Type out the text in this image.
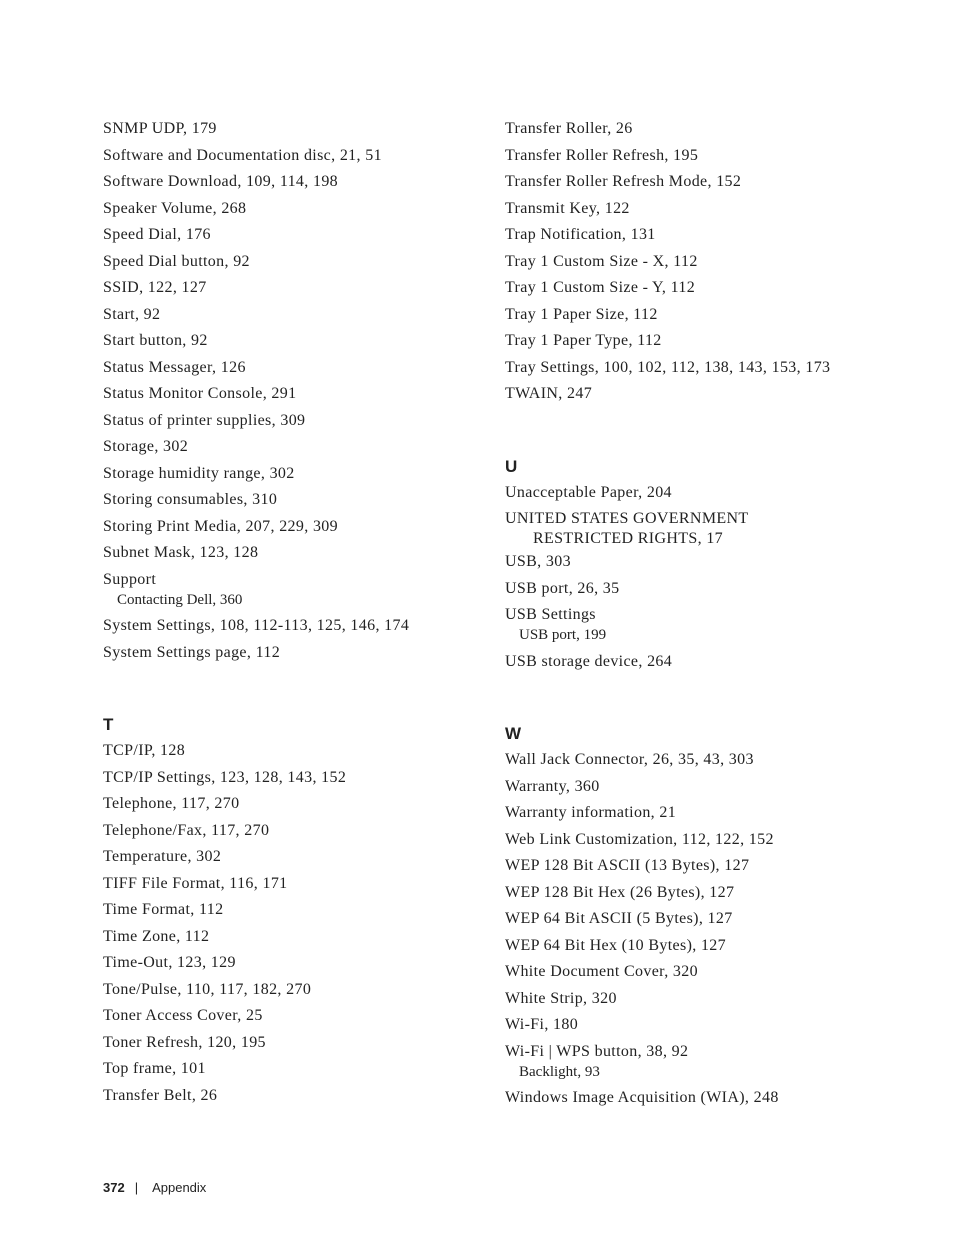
SNMP UDP, 179
Software and Documentation disc, 21, 51
Software Download, 109, 114, 198
Speaker Volume, 268
Speed Dial, 176
Speed Dial button, 92
SSID, 122, 127
Start, 92
Start button, 92
Status Messager, 126
Status Monitor Console, 291
Status of printer supplies, 309
Storage, 302
Storage humidity range, 302
Storing consumables, 310
Storing Print Media, 207, 229, 309
Subnet Mask, 123, 128
Support
Contacting Dell, 360
System Settings, 108, 112-113, 125, 146, 174
System Settings page, 112
T
TCP/IP, 128
TCP/IP Settings, 123, 128, 143, 152
Telephone, 117, 270
Telephone/Fax, 117, 270
Temperature, 302
TIFF File Format, 116, 171
Time Format, 112
Time Zone, 112
Time-Out, 123, 129
Tone/Pulse, 110, 117, 182, 270
Toner Access Cover, 25
Toner Refresh, 120, 195
Top frame, 101
Transfer Belt, 26
Transfer Roller, 26
Transfer Roller Refresh, 195
Transfer Roller Refresh Mode, 152
Transmit Key, 122
Trap Notification, 131
Tray 1 Custom Size - X, 112
Tray 1 Custom Size - Y, 112
Tray 1 Paper Size, 112
Tray 1 Paper Type, 112
Tray Settings, 100, 102, 112, 138, 143, 153, 173
TWAIN, 247
U
Unacceptable Paper, 204
UNITED STATES GOVERNMENT
RESTRICTED RIGHTS, 17
USB, 303
USB port, 26, 35
USB Settings
USB port, 199
USB storage device, 264
W
Wall Jack Connector, 26, 35, 43, 303
Warranty, 360
Warranty information, 21
Web Link Customization, 112, 122, 152
WEP 128 Bit ASCII (13 Bytes), 127
WEP 128 Bit Hex (26 Bytes), 127
WEP 64 Bit ASCII (5 Bytes), 127
WEP 64 Bit Hex (10 Bytes), 127
White Document Cover, 320
White Strip, 320
Wi-Fi, 180
Wi-Fi | WPS button, 38, 92
Backlight, 93
Windows Image Acquisition (WIA), 248
372 | Appendix
